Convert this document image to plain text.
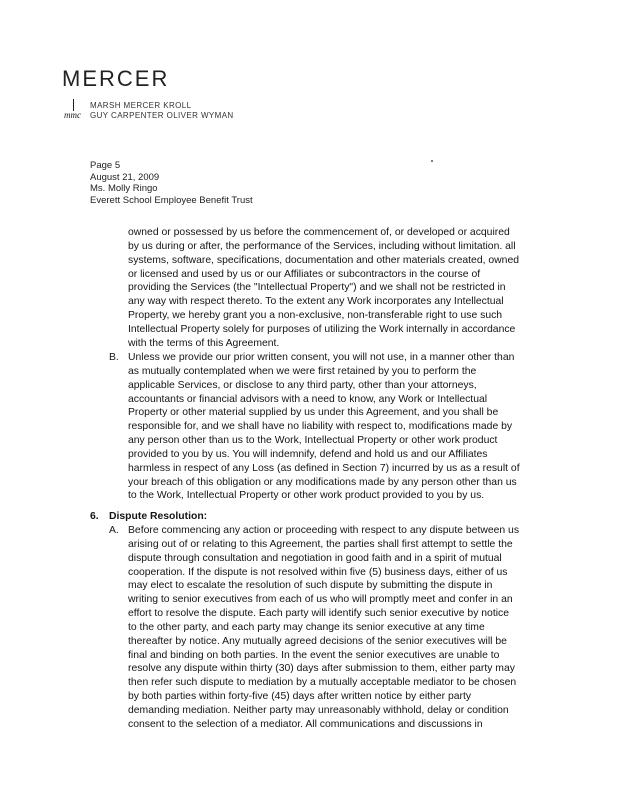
MERCER
mmc
MARSH MERCER KROLL
GUY CARPENTER OLIVER WYMAN
Page 5
August 21, 2009
Ms. Molly Ringo
Everett School Employee Benefit Trust
owned or possessed by us before the commencement of, or developed or acquired
by us during or after, the performance of the Services, including without limitation. all
systems, software, specifications, documentation and other materials created, owned
or licensed and used by us or our Affiliates or subcontractors in the course of
providing the Services (the "Intellectual Property") and we shall not be restricted in
any way with respect thereto. To the extent any Work incorporates any Intellectual
Property, we hereby grant you a non-exclusive, non-transferable right to use such
Intellectual Property solely for purposes of utilizing the Work internally in accordance
with the terms of this Agreement.
B. Unless we provide our prior written consent, you will not use, in a manner other than
as mutually contemplated when we were first retained by you to perform the
applicable Services, or disclose to any third party, other than your attorneys,
accountants or financial advisors with a need to know, any Work or Intellectual
Property or other material supplied by us under this Agreement, and you shall be
responsible for, and we shall have no liability with respect to, modifications made by
any person other than us to the Work, Intellectual Property or other work product
provided to you by us. You will indemnify, defend and hold us and our Affiliates
harmless in respect of any Loss (as defined in Section 7) incurred by us as a result of
your breach of this obligation or any modifications made by any person other than us
to the Work, Intellectual Property or other work product provided to you by us.
6. Dispute Resolution:
A. Before commencing any action or proceeding with respect to any dispute between us
arising out of or relating to this Agreement, the parties shall first attempt to settle the
dispute through consultation and negotiation in good faith and in a spirit of mutual
cooperation. If the dispute is not resolved within five (5) business days, either of us
may elect to escalate the resolution of such dispute by submitting the dispute in
writing to senior executives from each of us who will promptly meet and confer in an
effort to resolve the dispute. Each party will identify such senior executive by notice
to the other party, and each party may change its senior executive at any time
thereafter by notice. Any mutually agreed decisions of the senior executives will be
final and binding on both parties. In the event the senior executives are unable to
resolve any dispute within thirty (30) days after submission to them, either party may
then refer such dispute to mediation by a mutually acceptable mediator to be chosen
by both parties within forty-five (45) days after written notice by either party
demanding mediation. Neither party may unreasonably withhold, delay or condition
consent to the selection of a mediator. All communications and discussions in
